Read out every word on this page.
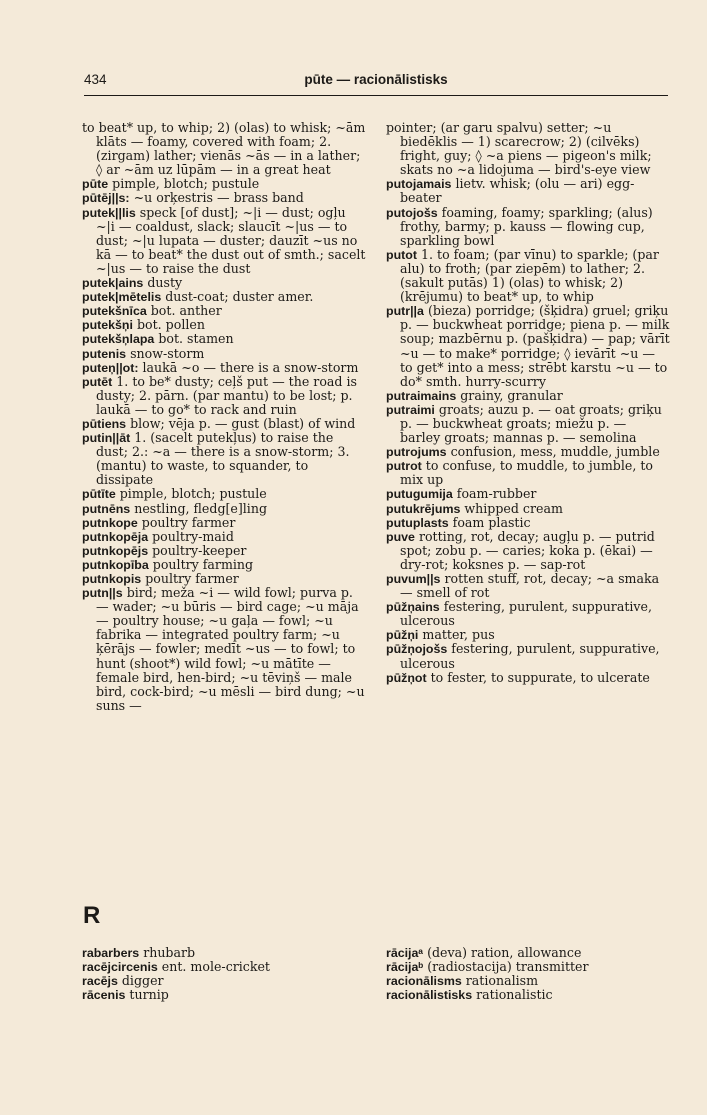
434	pūte — racionālistisks

to beat* up, to whip; 2) (olas) to whisk; ~ām klāts — foamy, covered with foam; 2. (zirgam) lather; vienās ~ās — in a lather; ◊ ar ~ām uz lūpām — in a great heat

pūte pimple, blotch; pustule

pūtēj||s: ~u orķestris — brass band

putek||lis speck [of dust]; ~|i — dust; ogļu ~|i — coaldust, slack; slaucīt ~|us — to dust; ~|u lupata — duster; dauzīt ~us no kā — to beat* the dust out of smth.; sacelt ~|us — to raise the dust

putek|ains dusty

putek|mētelis dust-coat; duster amer.

putekšnīca bot. anther

putekšņi bot. pollen

putekšņlapa bot. stamen

putenis snow-storm

puteņ||ot: laukā ~o — there is a snow-storm

putēt 1. to be* dusty; ceļš put — the road is dusty; 2. pārn. (par mantu) to be lost; p. laukā — to go* to rack and ruin

pūtiens blow; vēja p. — gust (blast) of wind

putin||āt 1. (sacelt putekļus) to raise the dust; 2.: ~a — there is a snow-storm; 3. (mantu) to waste, to squander, to dissipate

pūtīte pimple, blotch; pustule

putnēns nestling, fledg[e]ling

putnkope poultry farmer

putnkopēja poultry-maid

putnkopējs poultry-keeper

putnkopība poultry farming

putnkopis poultry farmer

putn||s bird; meža ~i — wild fowl; purva p. — wader; ~u būris — bird cage; ~u māja — poultry house; ~u gaļa — fowl; ~u fabrika — integrated poultry farm; ~u ķērājs — fowler; medīt ~us — to fowl; to hunt (shoot*) wild fowl; ~u mātīte — female bird, hen-bird; ~u tēviņš — male bird, cock-bird; ~u mēsli — bird dung; ~u suns —

pointer; (ar garu spalvu) setter; ~u biedēklis — 1) scarecrow; 2) (cilvēks) fright, guy; ◊ ~a piens — pigeon's milk; skats no ~a lidojuma — bird's-eye view

putojamais lietv. whisk; (olu — ari) egg-beater

putojošs foaming, foamy; sparkling; (alus) frothy, barmy; p. kauss — flowing cup, sparkling bowl

putot 1. to foam; (par vīnu) to sparkle; (par alu) to froth; (par ziepēm) to lather; 2. (sakult putās) 1) (olas) to whisk; 2) (krējumu) to beat* up, to whip

putr||a (bieza) porridge; (šķidra) gruel; griķu p. — buckwheat porridge; piena p. — milk soup; mazbērnu p. (pašķidra) — pap; vārīt ~u — to make* porridge; ◊ ievārīt ~u — to get* into a mess; strēbt karstu ~u — to do* smth. hurry-scurry

putraimains grainy, granular

putraimi groats; auzu p. — oat groats; griķu p. — buckwheat groats; miežu p. — barley groats; mannas p. — semolina

putrojums confusion, mess, muddle, jumble

putrot to confuse, to muddle, to jumble, to mix up

putugumija foam-rubber

putukrējums whipped cream

putuplasts foam plastic

puve rotting, rot, decay; augļu p. — putrid spot; zobu p. — caries; koka p. (ēkai) — dry-rot; koksnes p. — sap-rot

puvum||s rotten stuff, rot, decay; ~a smaka — smell of rot

pūžņains festering, purulent, suppurative, ulcerous

pūžņi matter, pus

pūžņojošs festering, purulent, suppurative, ulcerous

pūžņot to fester, to suppurate, to ulcerate

R

rabarbers rhubarb

racējcircenis ent. mole-cricket

racējs digger

rācenis turnip

rācijaᵃ (deva) ration, allowance

rācijaᵇ (radiostacija) transmitter

racionālisms rationalism

racionālistisks rationalistic
